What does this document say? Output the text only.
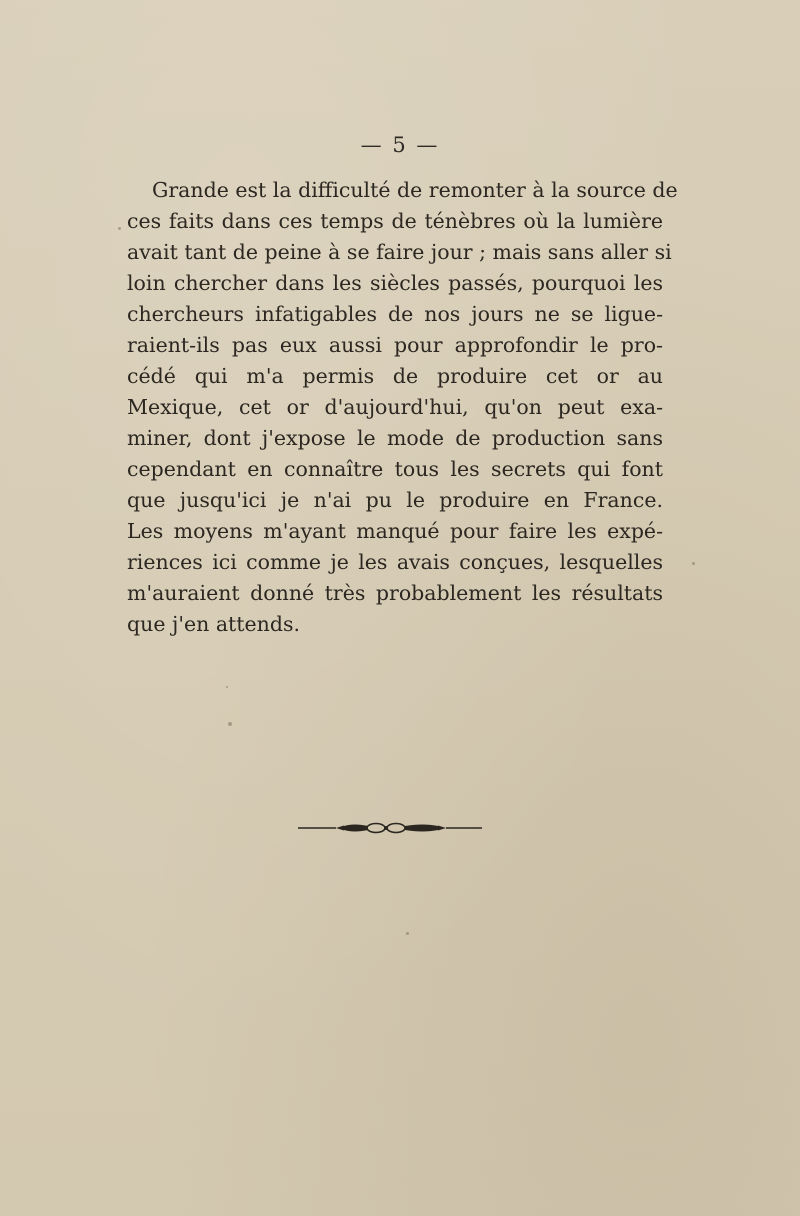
— 5 —
Grande est la difficulté de remonter à la source de
ces faits dans ces temps de ténèbres où la lumière
avait tant de peine à se faire jour ; mais sans aller si
loin chercher dans les siècles passés, pourquoi les
chercheurs infatigables de nos jours ne se ligue-
raient-ils pas eux aussi pour approfondir le pro-
cédé qui m'a permis de produire cet or au
Mexique, cet or d'aujourd'hui, qu'on peut exa-
miner, dont j'expose le mode de production sans
cependant en connaître tous les secrets qui font
que jusqu'ici je n'ai pu le produire en France.
Les moyens m'ayant manqué pour faire les expé-
riences ici comme je les avais conçues, lesquelles
m'auraient donné très probablement les résultats
que j'en attends.
